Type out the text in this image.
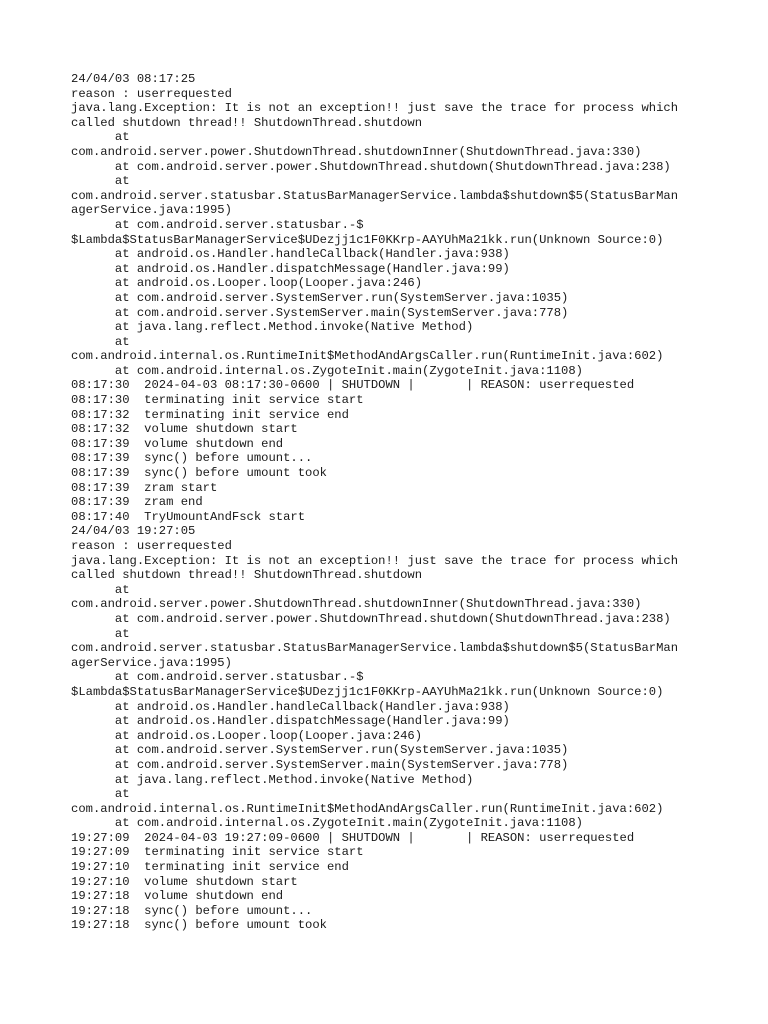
24/04/03 08:17:25
reason : userrequested
java.lang.Exception: It is not an exception!! just save the trace for process which
called shutdown thread!! ShutdownThread.shutdown
at
com.android.server.power.ShutdownThread.shutdownInner(ShutdownThread.java:330)
at com.android.server.power.ShutdownThread.shutdown(ShutdownThread.java:238)
at
com.android.server.statusbar.StatusBarManagerService.lambda$shutdown$5(StatusBarMan
agerService.java:1995)
at com.android.server.statusbar.-$
$Lambda$StatusBarManagerService$UDezjj1c1F0KKrp-AAYUhMa21kk.run(Unknown Source:0)
at android.os.Handler.handleCallback(Handler.java:938)
at android.os.Handler.dispatchMessage(Handler.java:99)
at android.os.Looper.loop(Looper.java:246)
at com.android.server.SystemServer.run(SystemServer.java:1035)
at com.android.server.SystemServer.main(SystemServer.java:778)
at java.lang.reflect.Method.invoke(Native Method)
at
com.android.internal.os.RuntimeInit$MethodAndArgsCaller.run(RuntimeInit.java:602)
at com.android.internal.os.ZygoteInit.main(ZygoteInit.java:1108)
08:17:30  2024-04-03 08:17:30-0600 | SHUTDOWN |       | REASON: userrequested
08:17:30  terminating init service start
08:17:32  terminating init service end
08:17:32  volume shutdown start
08:17:39  volume shutdown end
08:17:39  sync() before umount...
08:17:39  sync() before umount took
08:17:39  zram start
08:17:39  zram end
08:17:40  TryUmountAndFsck start
24/04/03 19:27:05
reason : userrequested
java.lang.Exception: It is not an exception!! just save the trace for process which
called shutdown thread!! ShutdownThread.shutdown
at
com.android.server.power.ShutdownThread.shutdownInner(ShutdownThread.java:330)
at com.android.server.power.ShutdownThread.shutdown(ShutdownThread.java:238)
at
com.android.server.statusbar.StatusBarManagerService.lambda$shutdown$5(StatusBarMan
agerService.java:1995)
at com.android.server.statusbar.-$
$Lambda$StatusBarManagerService$UDezjj1c1F0KKrp-AAYUhMa21kk.run(Unknown Source:0)
at android.os.Handler.handleCallback(Handler.java:938)
at android.os.Handler.dispatchMessage(Handler.java:99)
at android.os.Looper.loop(Looper.java:246)
at com.android.server.SystemServer.run(SystemServer.java:1035)
at com.android.server.SystemServer.main(SystemServer.java:778)
at java.lang.reflect.Method.invoke(Native Method)
at
com.android.internal.os.RuntimeInit$MethodAndArgsCaller.run(RuntimeInit.java:602)
at com.android.internal.os.ZygoteInit.main(ZygoteInit.java:1108)
19:27:09  2024-04-03 19:27:09-0600 | SHUTDOWN |       | REASON: userrequested
19:27:09  terminating init service start
19:27:10  terminating init service end
19:27:10  volume shutdown start
19:27:18  volume shutdown end
19:27:18  sync() before umount...
19:27:18  sync() before umount took
